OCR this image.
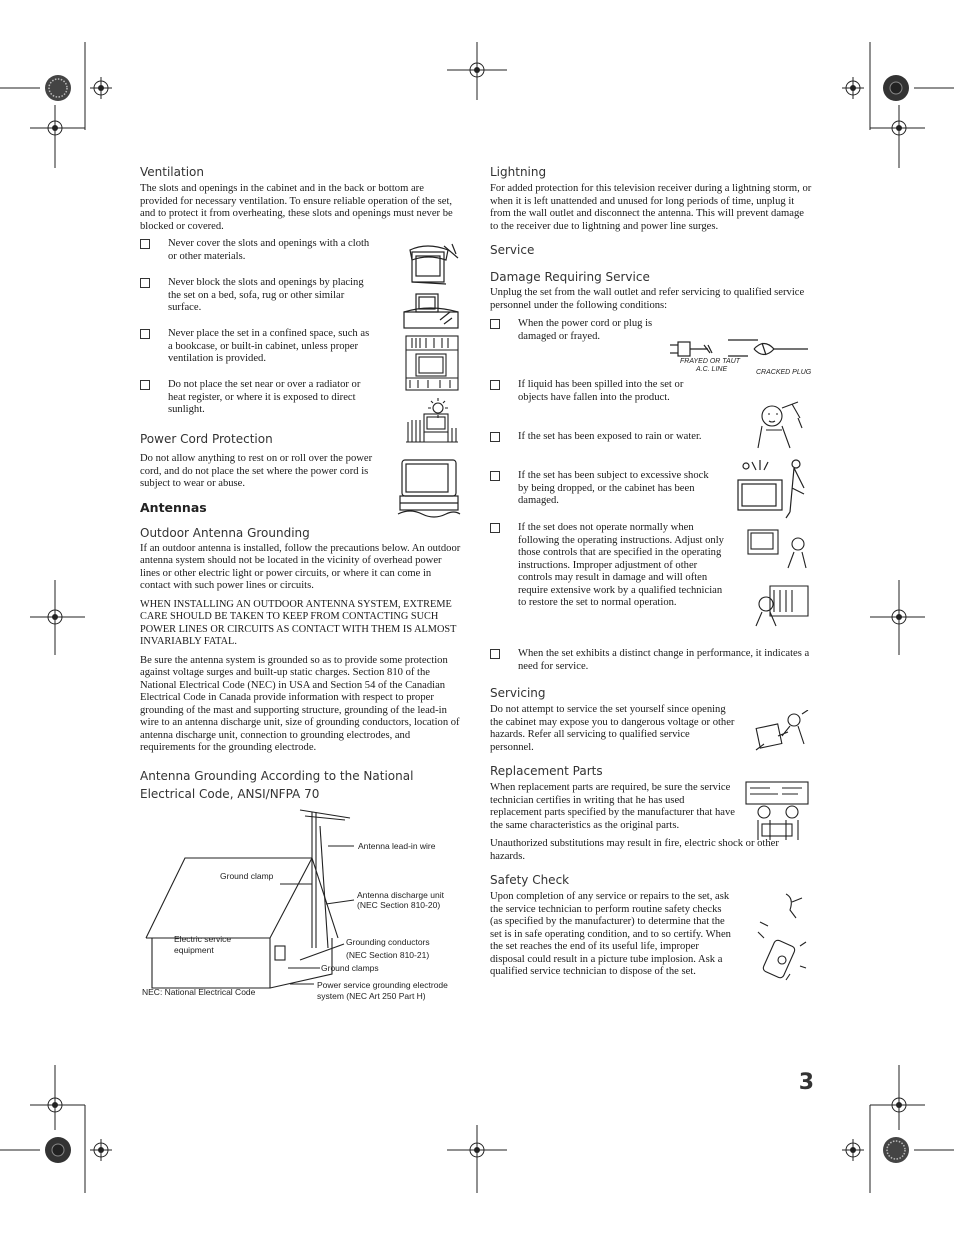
Ventilation

The slots and openings in the cabinet and in the back or bottom are provided for necessary ventilation. To ensure reliable operation of the set, and to protect it from overheating, these slots and openings must never be blocked or covered.

Never cover the slots and openings with a cloth or other materials.
Never block the slots and openings by placing the set on a bed, sofa, rug or other similar surface.
Never place the set in a confined space, such as a bookcase, or built-in cabinet, unless proper ventilation is provided.
Do not place the set near or over a radiator or heat register, or where it is exposed to direct sunlight.
Power Cord Protection

Do not allow anything to rest on or roll over the power cord, and do not place the set where the power cord is subject to wear or abuse.

Antennas
Outdoor Antenna Grounding

If an outdoor antenna is installed, follow the precautions below. An outdoor antenna system should not be located in the vicinity of overhead power lines or other electric light or power circuits, or where it can come in contact with such power lines or circuits.

WHEN INSTALLING AN OUTDOOR ANTENNA SYSTEM, EXTREME CARE SHOULD BE TAKEN TO KEEP FROM CONTACTING SUCH POWER LINES OR CIRCUITS AS CONTACT WITH THEM IS ALMOST INVARIABLY FATAL.

Be sure the antenna system is grounded so as to provide some protection against voltage surges and built-up static charges. Section 810 of the National Electrical Code (NEC) in USA and Section 54 of the Canadian Electrical Code in Canada provide information with respect to proper grounding of the mast and supporting structure, grounding of the lead-in wire to an antenna discharge unit, size of grounding conductors, location of antenna discharge unit, connection to grounding electrodes, and requirements for the grounding electrode.

Antenna Grounding According to the National
Electrical Code, ANSI/NFPA 70
Antenna lead-in wire
Ground clamp
Antenna discharge unit
(NEC Section 810-20)
Electric service
equipment
Grounding conductors
(NEC Section 810-21)
Ground clamps
NEC: National Electrical Code
Power service grounding electrode
system (NEC Art 250 Part H)
Lightning

For added protection for this television receiver during a lightning storm, or when it is left unattended and unused for long periods of time, unplug it from the wall outlet and disconnect the antenna. This will prevent damage to the receiver due to lightning and power line surges.

Service
Damage Requiring Service

Unplug the set from the wall outlet and refer servicing to qualified service personnel under the following conditions:

When the power cord or plug is damaged or frayed.
If liquid has been spilled into the set or objects have fallen into the product.
If the set has been exposed to rain or water.
If the set has been subject to excessive shock by being dropped, or the cabinet has been damaged.
If the set does not operate normally when following the operating instructions. Adjust only those controls that are specified in the operating instructions. Improper adjustment of other controls may result in damage and will often require extensive work by a qualified technician to restore the set to normal operation.
When the set exhibits a distinct change in performance, it indicates a need for service.
Servicing

Do not attempt to service the set yourself since opening the cabinet may expose you to dangerous voltage or other hazards. Refer all servicing to qualified service personnel.

Replacement Parts

When replacement parts are required, be sure the service technician certifies in writing that he has used replacement parts specified by the manufacturer that have the same characteristics as the original parts.

Unauthorized substitutions may result in fire, electric shock or other hazards.

Safety Check

Upon completion of any service or repairs to the set, ask the service technician to perform routine safety checks (as specified by the manufacturer) to determine that the set is in safe operating condition, and to so certify. When the set reaches the end of its useful life, improper disposal could result in a picture tube implosion. Ask a qualified service technician to dispose of the set.

FRAYED OR TAUT
A.C. LINE	CRACKED PLUG
3
